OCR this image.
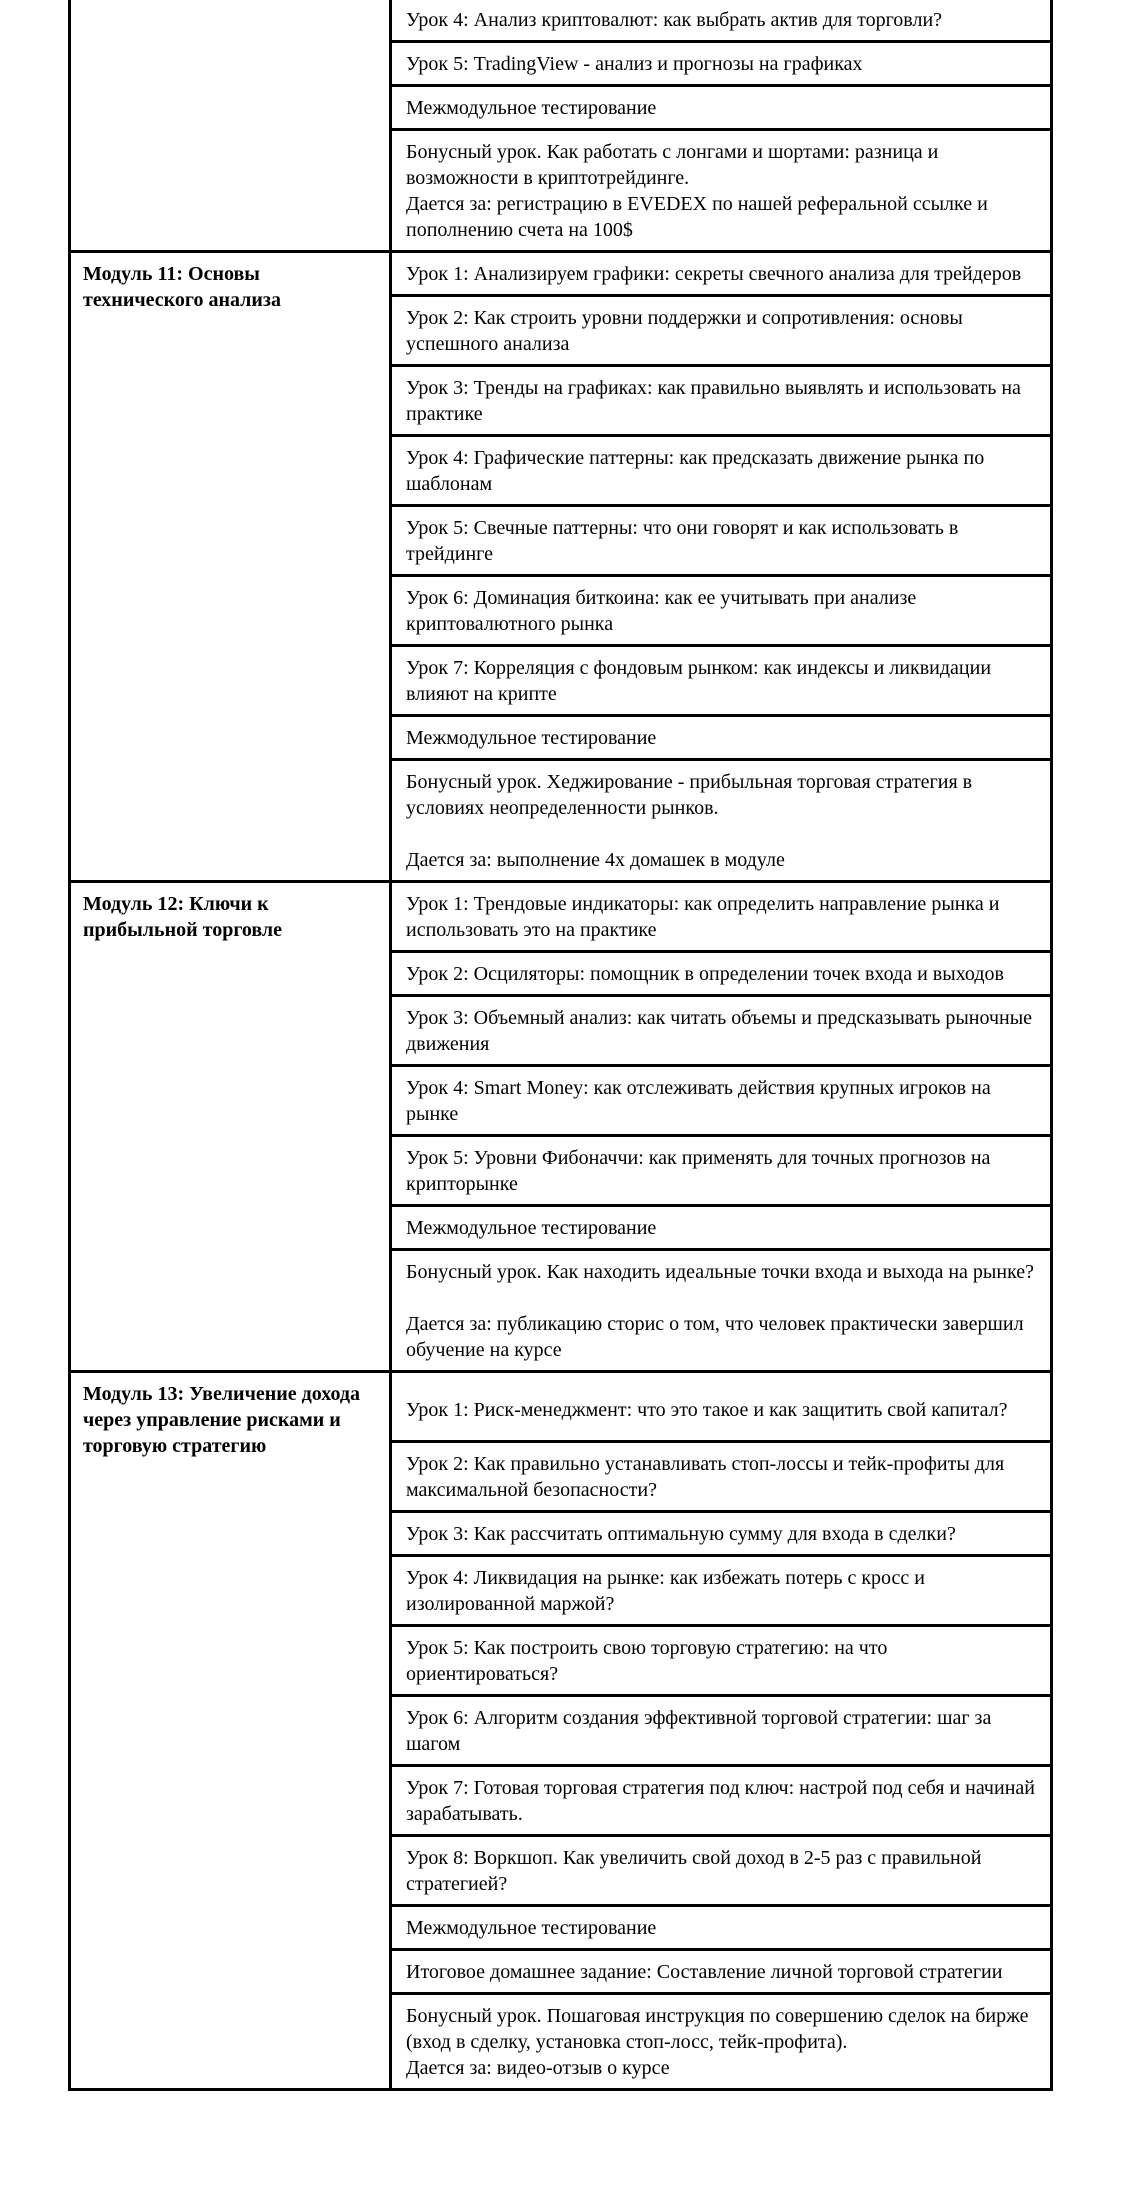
	Урок 4: Анализ криптовалют: как выбрать актив для торговли?

	Урок 5: TradingView - анализ и прогнозы на графиках

	Межмодульное тестирование

	Бонусный урок. Как работать с лонгами и шортами: разница и возможности в криптотрейдинге.
Дается за: регистрацию в EVEDEX по нашей реферальной ссылке и пополнению счета на 100$

Модуль 11: Основы технического анализа	Урок 1: Анализируем графики: секреты свечного анализа для трейдеров

	Урок 2: Как строить уровни поддержки и сопротивления: основы успешного анализа

	Урок 3: Тренды на графиках: как правильно выявлять и использовать на практике

	Урок 4: Графические паттерны: как предсказать движение рынка по шаблонам

	Урок 5: Свечные паттерны: что они говорят и как использовать в трейдинге

	Урок 6: Доминация биткоина: как ее учитывать при анализе криптовалютного рынка

	Урок 7: Корреляция с фондовым рынком: как индексы и ликвидации влияют на крипте

	Межмодульное тестирование

	Бонусный урок. Хеджирование - прибыльная торговая стратегия в условиях неопределенности рынков.
Дается за: выполнение 4х домашек в модуле

Модуль 12: Ключи к прибыльной торговле	Урок 1: Трендовые индикаторы: как определить направление рынка и использовать это на практике

	Урок 2: Осциляторы: помощник в определении точек входа и выходов

	Урок 3: Объемный анализ: как читать объемы и предсказывать рыночные движения

	Урок 4: Smart Money: как отслеживать действия крупных игроков на рынке

	Урок 5: Уровни Фибоначчи: как применять для точных прогнозов на крипторынке

	Межмодульное тестирование

	Бонусный урок. Как находить идеальные точки входа и выхода на рынке?
Дается за: публикацию сторис о том, что человек практически завершил обучение на курсе

Модуль 13: Увеличение дохода через управление рисками и торговую стратегию	Урок 1: Риск-менеджмент: что это такое и как защитить свой капитал?

	Урок 2: Как правильно устанавливать стоп-лоссы и тейк-профиты для максимальной безопасности?

	Урок 3: Как рассчитать оптимальную сумму для входа в сделки?

	Урок 4: Ликвидация на рынке: как избежать потерь с кросс и изолированной маржой?

	Урок 5: Как построить свою торговую стратегию: на что ориентироваться?

	Урок 6: Алгоритм создания эффективной торговой стратегии: шаг за шагом

	Урок 7: Готовая торговая стратегия под ключ: настрой под себя и начинай зарабатывать.

	Урок 8: Воркшоп. Как увеличить свой доход в 2-5 раз с правильной стратегией?

	Межмодульное тестирование

	Итоговое домашнее задание: Составление личной торговой стратегии

	Бонусный урок. Пошаговая инструкция по совершению сделок на бирже (вход в сделку, установка стоп-лосс, тейк-профита).
Дается за: видео-отзыв о курсе
